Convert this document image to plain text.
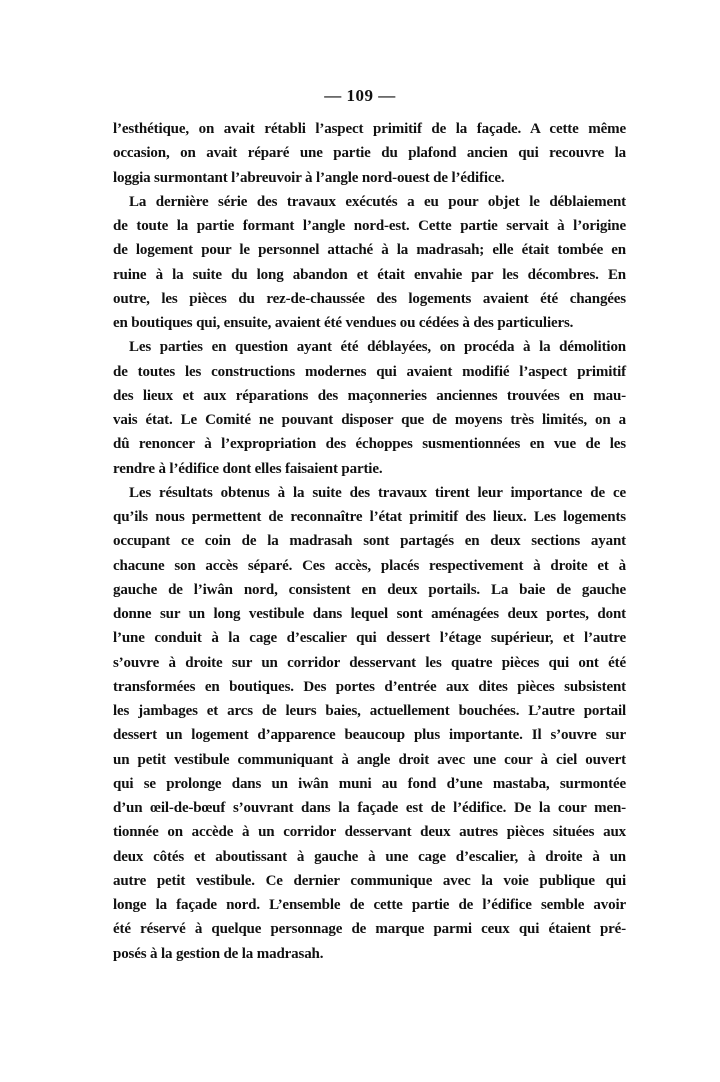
— 109 —
l’esthétique, on avait rétabli l’aspect primitif de la façade. A cette même
occasion, on avait réparé une partie du plafond ancien qui recouvre la
loggia surmontant l’abreuvoir à l’angle nord-ouest de l’édifice.
La dernière série des travaux exécutés a eu pour objet le déblaiement
de toute la partie formant l’angle nord-est. Cette partie servait à l’origine
de logement pour le personnel attaché à la madrasah; elle était tombée en
ruine à la suite du long abandon et était envahie par les décombres. En
outre, les pièces du rez-de-chaussée des logements avaient été changées
en boutiques qui, ensuite, avaient été vendues ou cédées à des particuliers.
Les parties en question ayant été déblayées, on procéda à la démolition
de toutes les constructions modernes qui avaient modifié l’aspect primitif
des lieux et aux réparations des maçonneries anciennes trouvées en mau-
vais état. Le Comité ne pouvant disposer que de moyens très limités, on a
dû renoncer à l’expropriation des échoppes susmentionnées en vue de les
rendre à l’édifice dont elles faisaient partie.
Les résultats obtenus à la suite des travaux tirent leur importance de ce
qu’ils nous permettent de reconnaître l’état primitif des lieux. Les logements
occupant ce coin de la madrasah sont partagés en deux sections ayant
chacune son accès séparé. Ces accès, placés respectivement à droite et à
gauche de l’iwân nord, consistent en deux portails. La baie de gauche
donne sur un long vestibule dans lequel sont aménagées deux portes, dont
l’une conduit à la cage d’escalier qui dessert l’étage supérieur, et l’autre
s’ouvre à droite sur un corridor desservant les quatre pièces qui ont été
transformées en boutiques. Des portes d’entrée aux dites pièces subsistent
les jambages et arcs de leurs baies, actuellement bouchées. L’autre portail
dessert un logement d’apparence beaucoup plus importante. Il s’ouvre sur
un petit vestibule communiquant à angle droit avec une cour à ciel ouvert
qui se prolonge dans un iwân muni au fond d’une mastaba, surmontée
d’un œil-de-bœuf s’ouvrant dans la façade est de l’édifice. De la cour men-
tionnée on accède à un corridor desservant deux autres pièces situées aux
deux côtés et aboutissant à gauche à une cage d’escalier, à droite à un
autre petit vestibule. Ce dernier communique avec la voie publique qui
longe la façade nord. L’ensemble de cette partie de l’édifice semble avoir
été réservé à quelque personnage de marque parmi ceux qui étaient pré-
posés à la gestion de la madrasah.
